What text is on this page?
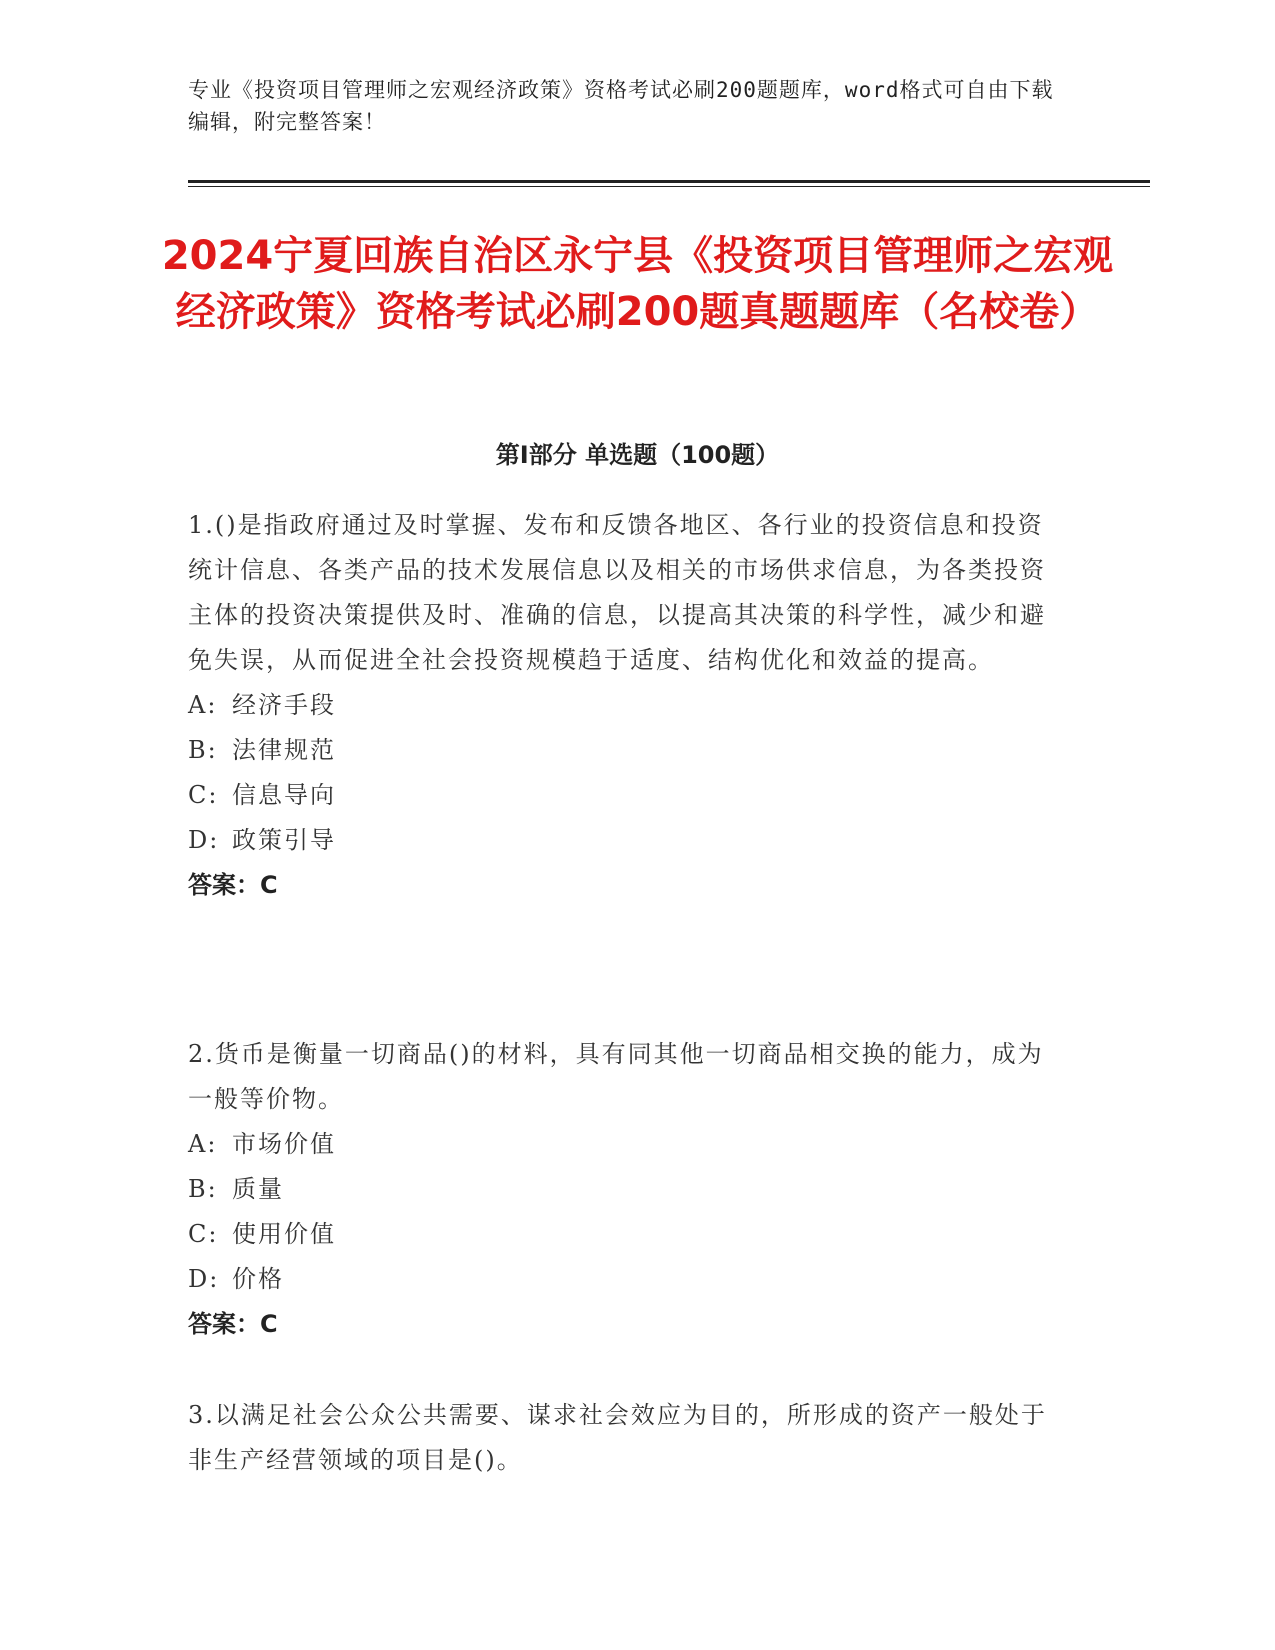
专业《投资项目管理师之宏观经济政策》资格考试必刷200题题库，word格式可自由下载编辑，附完整答案！

2024宁夏回族自治区永宁县《投资项目管理师之宏观经济政策》资格考试必刷200题真题题库（名校卷）
第Ⅰ部分 单选题（100题）

1.()是指政府通过及时掌握、发布和反馈各地区、各行业的投资信息和投资统计信息、各类产品的技术发展信息以及相关的市场供求信息，为各类投资主体的投资决策提供及时、准确的信息，以提高其决策的科学性，减少和避免失误，从而促进全社会投资规模趋于适度、结构优化和效益的提高。

A: 经济手段

B: 法律规范

C: 信息导向

D: 政策引导

答案：C

2.货币是衡量一切商品()的材料，具有同其他一切商品相交换的能力，成为一般等价物。

A: 市场价值

B: 质量

C: 使用价值

D: 价格

答案：C

3.以满足社会公众公共需要、谋求社会效应为目的，所形成的资产一般处于非生产经营领域的项目是()。
